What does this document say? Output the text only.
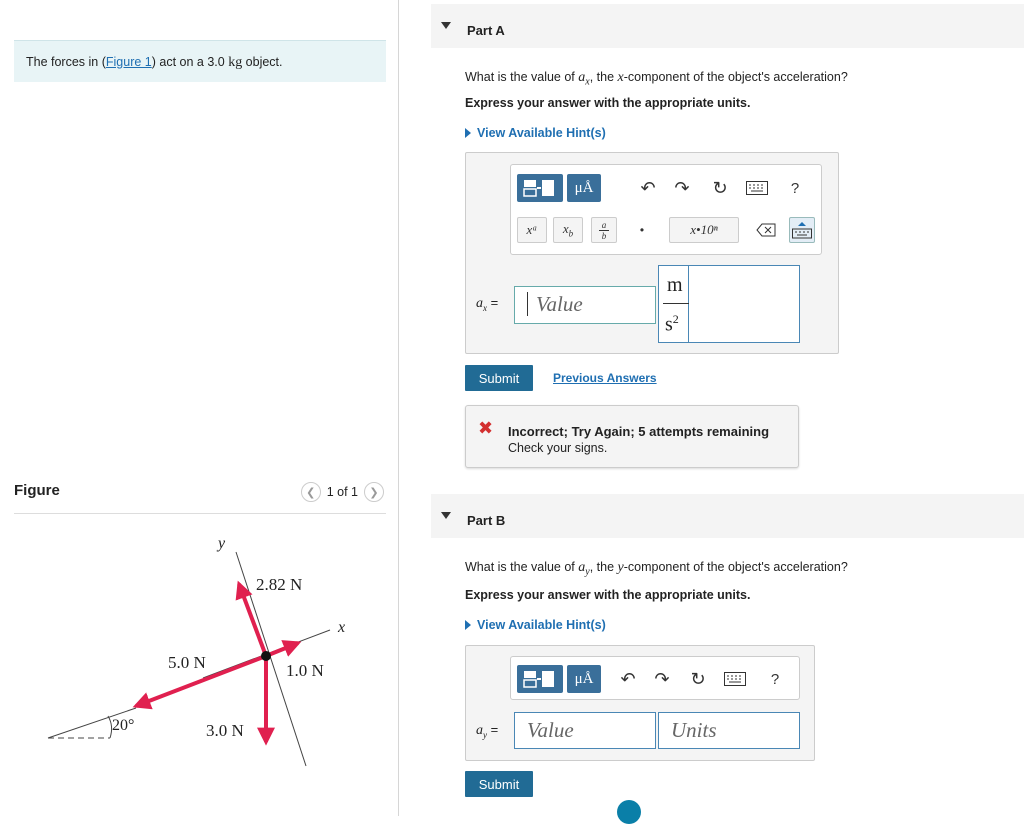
The forces in (Figure 1) act on a 3.0 kg object.
Figure	❮ 1 of 1 ❯
y
x
2.82 N
1.0 N
5.0 N
3.0 N
20°
Part A
What is the value of $a_x$, the x-component of the object's acceleration?
Express your answer with the appropriate units.
View Available Hint(s)
μÅ	↶ ↷ ↻	?
xᵃ	$x_b$
a
b	•	x•10ⁿ
$a_x$ =	Value
m
$s^2$
Submit	Previous Answers
✖ Incorrect; Try Again; 5 attempts remaining
Check your signs.
Part B
What is the value of $a_y$, the y-component of the object's acceleration?
Express your answer with the appropriate units.
View Available Hint(s)
μÅ	↶ ↷ ↻	?
$a_y$ =	Value	Units
Submit
